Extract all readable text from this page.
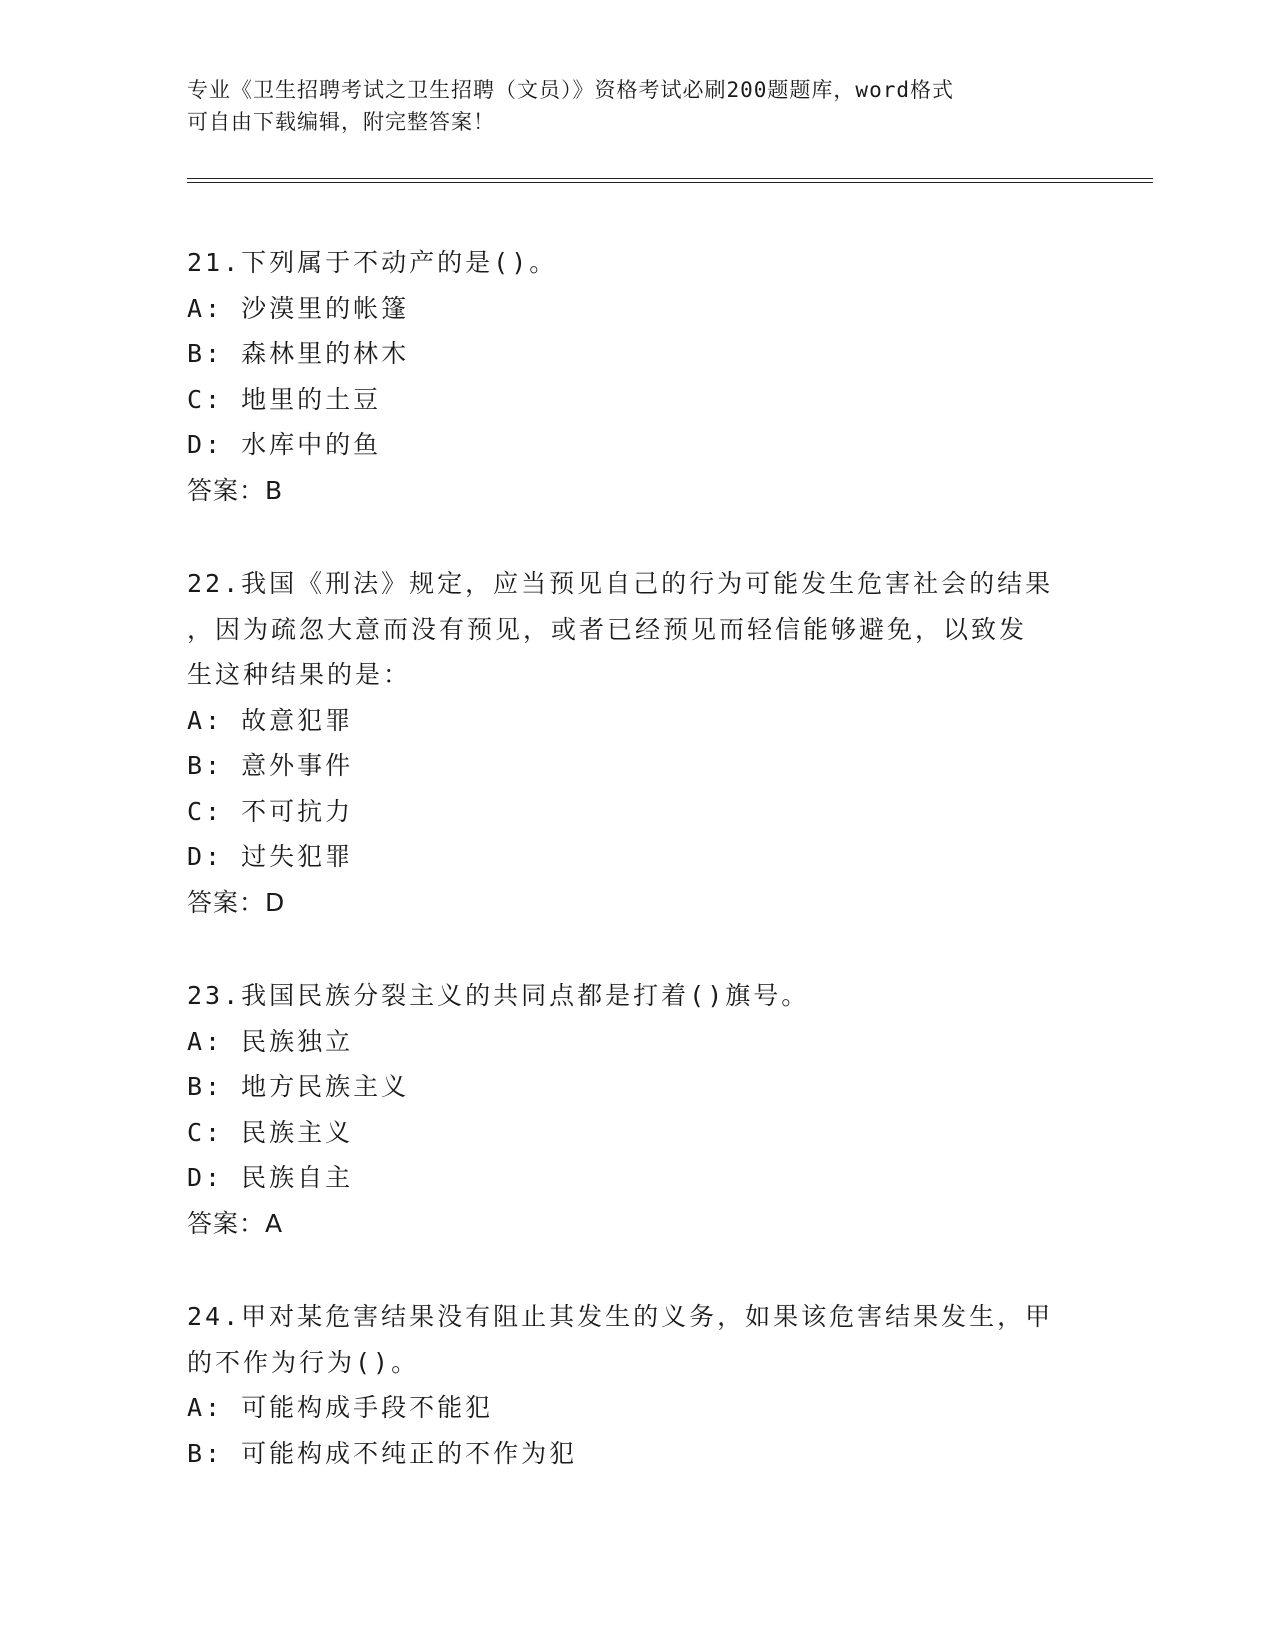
专业《卫生招聘考试之卫生招聘（文员）》资格考试必刷200题题库，word格式
可自由下载编辑，附完整答案！
21.下列属于不动产的是()。
A: 沙漠里的帐篷
B: 森林里的林木
C: 地里的土豆
D: 水库中的鱼
答案：B
22.我国《刑法》规定，应当预见自己的行为可能发生危害社会的结果
，因为疏忽大意而没有预见，或者已经预见而轻信能够避免，以致发
生这种结果的是：
A: 故意犯罪
B: 意外事件
C: 不可抗力
D: 过失犯罪
答案：D
23.我国民族分裂主义的共同点都是打着()旗号。
A: 民族独立
B: 地方民族主义
C: 民族主义
D: 民族自主
答案：A
24.甲对某危害结果没有阻止其发生的义务，如果该危害结果发生，甲
的不作为行为()。
A: 可能构成手段不能犯
B: 可能构成不纯正的不作为犯
